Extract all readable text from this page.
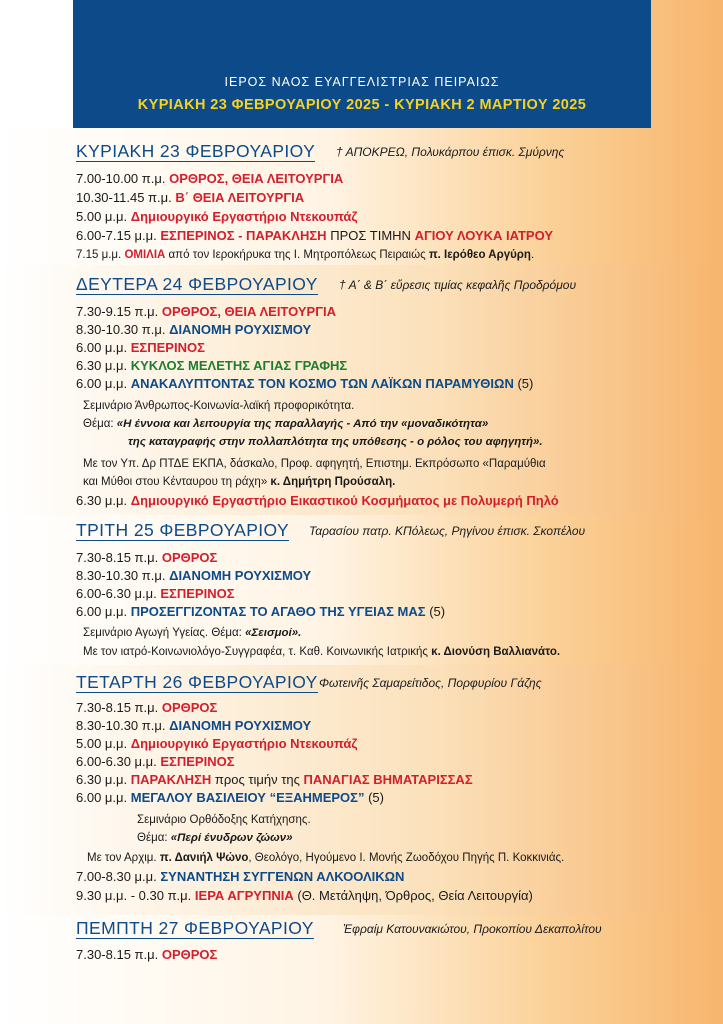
ΙΕΡΟΣ ΝΑΟΣ ΕΥΑΓΓΕΛΙΣΤΡΙΑΣ ΠΕΙΡΑΙΩΣ
ΚΥΡΙΑΚΗ 23 ΦΕΒΡΟΥΑΡΙΟΥ 2025 - ΚΥΡΙΑΚΗ 2 ΜΑΡΤΙΟΥ 2025
ΚΥΡΙΑΚΗ 23 ΦΕΒΡΟΥΑΡΙΟΥ † ΑΠΟΚΡΕΩ, Πολυκάρπου έπισκ. Σμύρνης
7.00-10.00 π.μ. ΟΡΘΡΟΣ, ΘΕΙΑ ΛΕΙΤΟΥΡΓΙΑ
10.30-11.45 π.μ. Β΄ ΘΕΙΑ ΛΕΙΤΟΥΡΓΙΑ
5.00 μ.μ. Δημιουργικό Εργαστήριο Ντεκουπάζ
6.00-7.15 μ.μ. ΕΣΠΕΡΙΝΟΣ - ΠΑΡΑΚΛΗΣΗ ΠΡΟΣ ΤΙΜΗΝ ΑΓΙΟΥ ΛΟΥΚΑ ΙΑΤΡΟΥ
7.15 μ.μ. ΟΜΙΛΙΑ από τον Ιεροκήρυκα της Ι. Μητροπόλεως Πειραιώς π. Ιερόθεο Αργύρη.
ΔΕΥΤΕΡΑ 24 ΦΕΒΡΟΥΑΡΙΟΥ † Α΄ & Β΄ εὕρεσις τιμίας κεφαλῆς Προδρόμου
7.30-9.15 π.μ. ΟΡΘΡΟΣ, ΘΕΙΑ ΛΕΙΤΟΥΡΓΙΑ
8.30-10.30 π.μ. ΔΙΑΝΟΜΗ ΡΟΥΧΙΣΜΟΥ
6.00 μ.μ. ΕΣΠΕΡΙΝΟΣ
6.30 μ.μ. ΚΥΚΛΟΣ ΜΕΛΕΤΗΣ ΑΓΙΑΣ ΓΡΑΦΗΣ
6.00 μ.μ. ΑΝΑΚΑΛΥΠΤΟΝΤΑΣ ΤΟΝ ΚΟΣΜΟ ΤΩΝ ΛΑΪΚΩΝ ΠΑΡΑΜΥΘΙΩΝ (5)
Σεμινάριο Άνθρωπος-Κοινωνία-λαϊκή προφορικότητα.
Θέμα: «Η έννοια και λειτουργία της παραλλαγής - Από την «μοναδικότητα»
της καταγραφής στην πολλαπλότητα της υπόθεσης - ο ρόλος του αφηγητή».
Με τον Υπ. Δρ ΠΤΔΕ ΕΚΠΑ, δάσκαλο, Προφ. αφηγητή, Επιστημ. Εκπρόσωπο «Παραμύθια
και Μύθοι στου Κένταυρου τη ράχη» κ. Δημήτρη Προύσαλη.
6.30 μ.μ. Δημιουργικό Εργαστήριο Εικαστικού Κοσμήματος με Πολυμερή Πηλό
ΤΡΙΤΗ 25 ΦΕΒΡΟΥΑΡΙΟΥ Ταρασίου πατρ. ΚΠόλεως, Ρηγίνου έπισκ. Σκοπέλου
7.30-8.15 π.μ. ΟΡΘΡΟΣ
8.30-10.30 π.μ. ΔΙΑΝΟΜΗ ΡΟΥΧΙΣΜΟΥ
6.00-6.30 μ.μ. ΕΣΠΕΡΙΝΟΣ
6.00 μ.μ. ΠΡΟΣΕΓΓΙΖΟΝΤΑΣ ΤΟ ΑΓΑΘΟ ΤΗΣ ΥΓΕΙΑΣ ΜΑΣ (5)
Σεμινάριο Αγωγή Υγείας. Θέμα: «Σεισμοί».
Με τον ιατρό-Κοινωνιολόγο-Συγγραφέα, τ. Καθ. Κοινωνικής Ιατρικής κ. Διονύση Βαλλιανάτο.
ΤΕΤΑΡΤΗ 26 ΦΕΒΡΟΥΑΡΙΟΥ Φωτεινῆς Σαμαρείτιδος, Πορφυρίου Γάζης
7.30-8.15 π.μ. ΟΡΘΡΟΣ
8.30-10.30 π.μ. ΔΙΑΝΟΜΗ ΡΟΥΧΙΣΜΟΥ
5.00 μ.μ. Δημιουργικό Εργαστήριο Ντεκουπάζ
6.00-6.30 μ.μ. ΕΣΠΕΡΙΝΟΣ
6.30 μ.μ. ΠΑΡΑΚΛΗΣΗ προς τιμήν της ΠΑΝΑΓΙΑΣ ΒΗΜΑΤΑΡΙΣΣΑΣ
6.00 μ.μ. ΜΕΓΑΛΟΥ ΒΑΣΙΛΕΙΟΥ “ΕΞΑΗΜΕΡΟΣ” (5)
Σεμινάριο Ορθόδοξης Κατήχησης.
Θέμα: «Περί ένυδρων ζώων»
Με τον Αρχιμ. π. Δανιήλ Ψώνο, Θεολόγο, Ηγούμενο Ι. Μονής Ζωοδόχου Πηγής Π. Κοκκινιάς.
7.00-8.30 μ.μ. ΣΥΝΑΝΤΗΣΗ ΣΥΓΓΕΝΩΝ ΑΛΚΟΟΛΙΚΩΝ
9.30 μ.μ. - 0.30 π.μ. ΙΕΡΑ ΑΓΡΥΠΝΙΑ (Θ. Μετάληψη, Όρθρος, Θεία Λειτουργία)
ΠΕΜΠΤΗ 27 ΦΕΒΡΟΥΑΡΙΟΥ Ἐφραίμ Κατουνακιώτου, Προκοπίου Δεκαπολίτου
7.30-8.15 π.μ. ΟΡΘΡΟΣ
